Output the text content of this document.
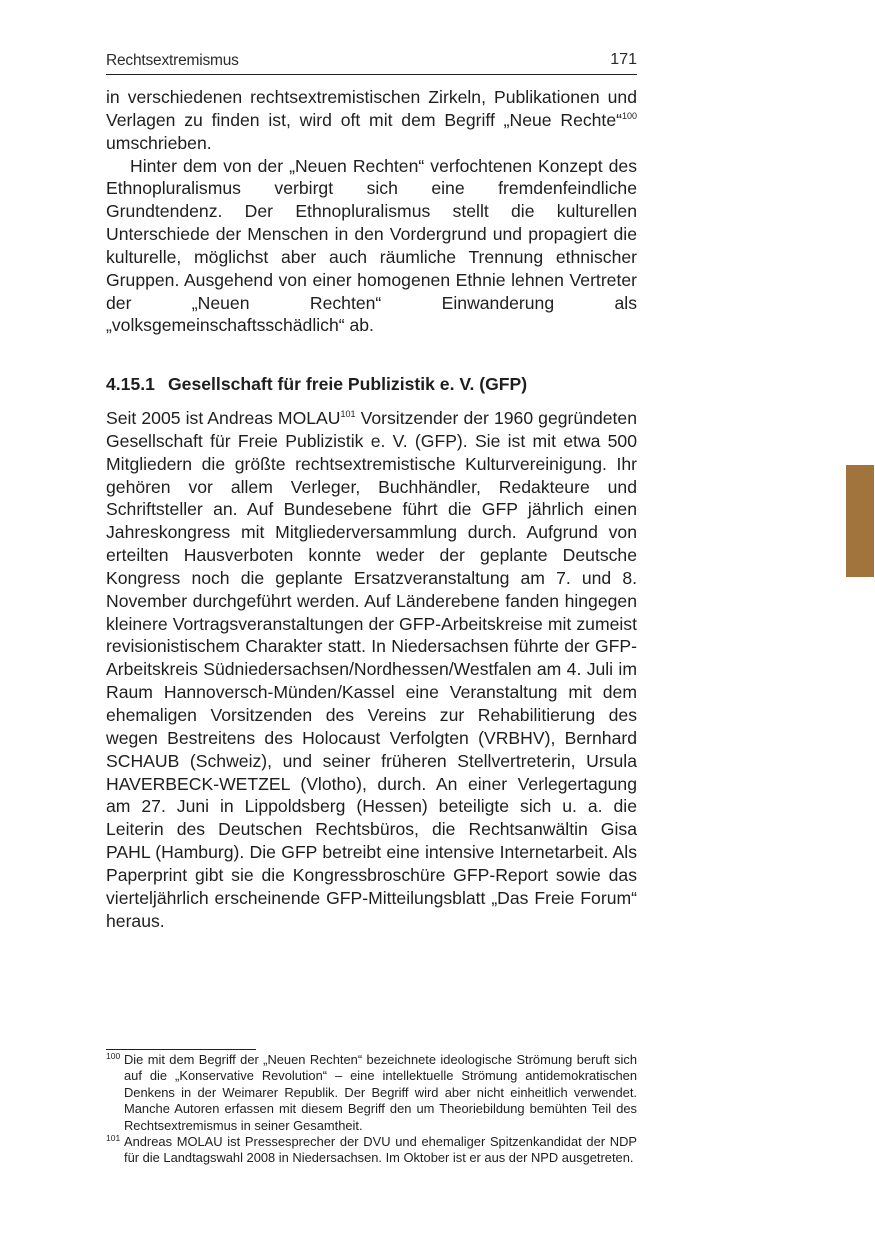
Rechtsextremismus	171

in verschiedenen rechtsextremistischen Zirkeln, Publikationen und Verlagen zu finden ist, wird oft mit dem Begriff „Neue Rechte“$^{100}$ umschrieben.

Hinter dem von der „Neuen Rechten“ verfochtenen Konzept des Ethnopluralismus verbirgt sich eine fremdenfeindliche Grundtendenz. Der Ethnopluralismus stellt die kulturellen Unterschiede der Menschen in den Vordergrund und propagiert die kulturelle, möglichst aber auch räumliche Trennung ethnischer Gruppen. Ausgehend von einer homogenen Ethnie lehnen Vertreter der „Neuen Rechten“ Einwanderung als „volksgemeinschaftsschädlich“ ab.

4.15.1 Gesellschaft für freie Publizistik e. V. (GFP)

Seit 2005 ist Andreas MOLAU$^{101}$ Vorsitzender der 1960 gegründeten Gesellschaft für Freie Publizistik e. V. (GFP). Sie ist mit etwa 500 Mitgliedern die größte rechtsextremistische Kulturvereinigung. Ihr gehören vor allem Verleger, Buchhändler, Redakteure und Schriftsteller an. Auf Bundesebene führt die GFP jährlich einen Jahreskongress mit Mitgliederversammlung durch. Aufgrund von erteilten Hausverboten konnte weder der geplante Deutsche Kongress noch die geplante Ersatzveranstaltung am 7. und 8. November durchgeführt werden. Auf Länderebene fanden hingegen kleinere Vortragsveranstaltungen der GFP-Arbeitskreise mit zumeist revisionistischem Charakter statt. In Niedersachsen führte der GFP-Arbeitskreis Südniedersachsen/Nordhessen/Westfalen am 4. Juli im Raum Hannoversch-Münden/Kassel eine Veranstaltung mit dem ehemaligen Vorsitzenden des Vereins zur Rehabilitierung des wegen Bestreitens des Holocaust Verfolgten (VRBHV), Bernhard SCHAUB (Schweiz), und seiner früheren Stellvertreterin, Ursula HAVERBECK-WETZEL (Vlotho), durch. An einer Verlegertagung am 27. Juni in Lippoldsberg (Hessen) beteiligte sich u. a. die Leiterin des Deutschen Rechtsbüros, die Rechtsanwältin Gisa PAHL (Hamburg). Die GFP betreibt eine intensive Internetarbeit. Als Paperprint gibt sie die Kongressbroschüre GFP-Report sowie das vierteljährlich erscheinende GFP-Mitteilungsblatt „Das Freie Forum“ heraus.

100 Die mit dem Begriff der „Neuen Rechten“ bezeichnete ideologische Strömung beruft sich auf die „Konservative Revolution“ – eine intellektuelle Strömung antidemokratischen Denkens in der Weimarer Republik. Der Begriff wird aber nicht einheitlich verwendet. Manche Autoren erfassen mit diesem Begriff den um Theoriebildung bemühten Teil des Rechtsextremismus in seiner Gesamtheit.
101 Andreas MOLAU ist Pressesprecher der DVU und ehemaliger Spitzenkandidat der NDP für die Landtagswahl 2008 in Niedersachsen. Im Oktober ist er aus der NPD ausgetreten.
